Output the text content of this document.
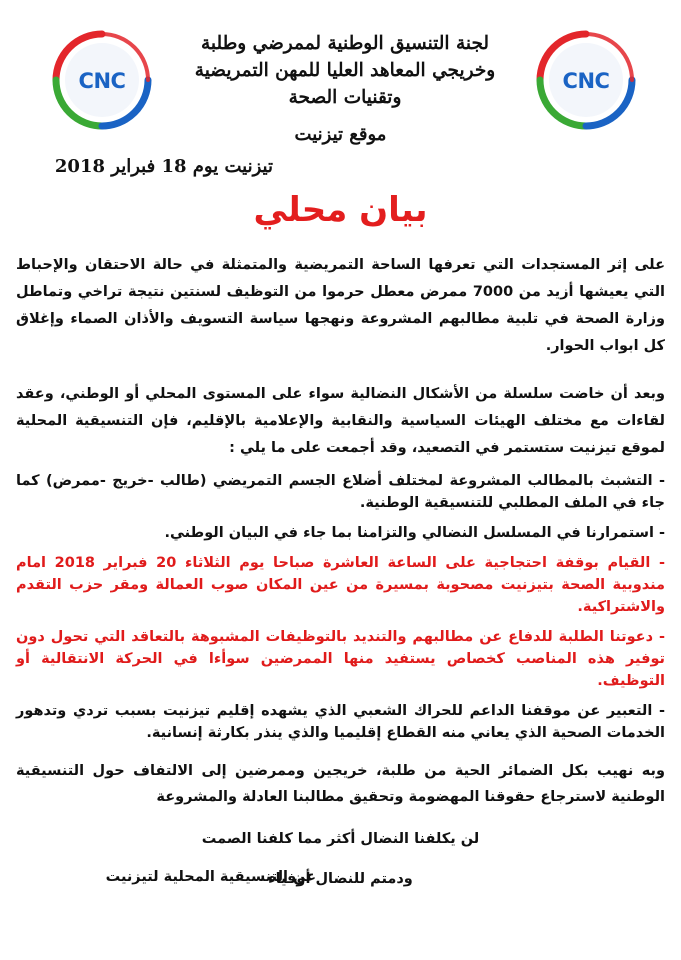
CNC	CNC
لجنة التنسيق الوطنية لممرضي وطلبة
وخريجي المعاهد العليا للمهن التمريضية
وتقنيات الصحة
موقع تيزنيت
تيزنيت يوم 18 فبراير 2018
بيان محلي

على إثر المستجدات التي تعرفها الساحة التمريضية والمتمثلة في حالة الاحتقان والإحباط التي يعيشها أزيد من 7000 ممرض معطل حرموا من التوظيف لسنتين نتيجة تراخي وتماطل وزارة الصحة في تلبية مطالبهم المشروعة ونهجها سياسة التسويف والأذان الصماء وإغلاق كل ابواب الحوار.

وبعد أن خاضت سلسلة من الأشكال النضالية سواء على المستوى المحلي أو الوطني، وعقد لقاءات مع مختلف الهيئات السياسية والنقابية والإعلامية بالإقليم، فإن التنسيقية المحلية لموقع تيزنيت ستستمر في التصعيد، وقد أجمعت على ما يلي :

- التشبث بالمطالب المشروعة لمختلف أضلاع الجسم التمريضي (طالب -خريج -ممرض) كما جاء في الملف المطلبي للتنسيقية الوطنية.

- استمرارنا في المسلسل النضالي والتزامنا بما جاء في البيان الوطني.

- القيام بوقفة احتجاجية على الساعة العاشرة صباحا يوم الثلاثاء 20 فبراير 2018 امام مندوبية الصحة بتيزنيت مصحوبة بمسيرة من عين المكان صوب العمالة ومقر حزب التقدم والاشتراكية.

- دعوتنا الطلبة للدفاع عن مطالبهم والتنديد بالتوظيفات المشبوهة بالتعاقد التي تحول دون توفير هذه المناصب كخصاص يستفيد منها الممرضين سوأءا في الحركة الانتقالية أو التوظيف.

- التعبير عن موقفنا الداعم للحراك الشعبي الذي يشهده إقليم تيزنيت بسبب تردي وتدهور الخدمات الصحية الذي يعاني منه القطاع إقليميا والذي ينذر بكارثة إنسانية.

وبه نهيب بكل الضمائر الحية من طلبة، خريجين وممرضين إلى الالتفاف حول التنسيقية الوطنية لاسترجاع حقوقنا المهضومة وتحقيق مطالبنا العادلة والمشروعة

لن يكلفنا النضال أكثر مما كلفنا الصمت

ودمتم للنضال أوفياء

عن التنسيقية المحلية لتيزنيت
